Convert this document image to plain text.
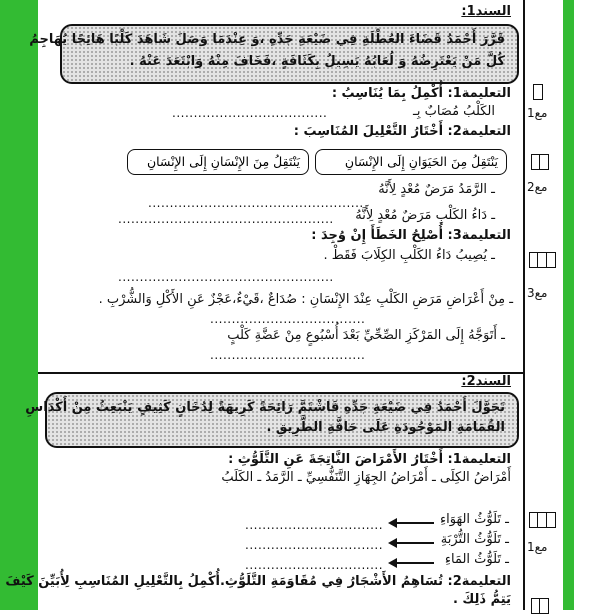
السند1:
قَرَّرَ أَحْمَدُ قَضَاءَ العُطْلَةِ فِي ضَيْعَةِ جَدِّهِ ،وَ عِنْدَمَا وَصَلَ شَاهَدَ كَلْبًا هَائِجًا يُهَاجِمُ
كُلَّ مَنْ يَعْتَرِضُهُ وَ لُعَابُهُ يَسِيلُ بِكَثَافَةٍ ،فَخَافَ مِنْهُ وَابْتَعَدَ عَنْهُ .
التعليمة1: أُكْمِلُ بِمَا يُنَاسِبُ :
الكَلْبُ مُصَابٌ بِـ
....................................
التعليمة2: أَخْتَارُ التَّعْلِيلَ المُنَاسِبَ :
يَنْتَقِلُ مِنَ الحَيَوَانِ إِلَى الإِنْسَانِ
يَنْتَقِلُ مِنَ الإِنْسَانِ إِلَى الإِنْسَانِ
ـ الرَّمَدُ مَرَضٌ مُعْدٍ لِأَنَّهُ
..................................................
ـ دَاءُ الكَلْبِ مَرَضٌ مُعْدٍ لِأَنَّهُ
..................................................
التعليمة3: أُصْلِحُ الخَطَأَ إِنْ وُجِدَ :
ـ يُصِيبُ دَاءُ الكَلْبِ الكِلَابَ فَقَطْ .
..................................................
ـ مِنْ أَعْرَاضِ مَرَضِ الكَلْبِ عِنْدَ الإِنْسَانِ : صُدَاعٌ ،قَيْءٌ،عَجْزٌ عَنِ الأَكْلِ وَالشُّرْبِ .
....................................
ـ أَتَوَجَّهُ إِلَى المَرْكَزِ الصِّحِّيِّ بَعْدَ أُسْبُوعٍ مِنْ عَضَّةِ كَلْبٍ
....................................
مع1
مع2
مع3
السند2:
تَجَوَّلَ أَحْمَدُ فِي ضَيْعَةِ جَدِّهِ فَاشْتَمَّ رَائِحَةً كَرِيهَةً لِدُخَانٍ كَثِيفٍ يَنْبَعِثُ مِنْ أَكْدَاسِ
القُمَامَةِ المَوْجُودَةِ عَلَى حَافَّةِ الطَّرِيقِ .
التعليمة1: أَخْتَارُ الأَمْرَاضَ النَّاتِجَةَ عَنِ التَّلَوُّثِ :
أَمْرَاضُ الكِلَى ـ أَمْرَاضُ الجِهَازِ التَّنَفُّسِيِّ ـ الرَّمَدُ ـ الكَلَبُ
ـ تَلَوُّثُ الهَوَاءِ
................................
ـ تَلَوُّثُ التُّرْبَةِ
................................
ـ تَلَوُّثُ المَاءِ
................................
مع1
التعليمة2: تُسَاهِمُ الأَشْجَارُ فِي مُقَاوَمَةِ التَّلَوُّثِ.أُكْمِلُ بِالتَّعْلِيلِ المُنَاسِبِ لِأُبَيِّنَ كَيْفَ
يَتِمُّ ذَلِكَ .
